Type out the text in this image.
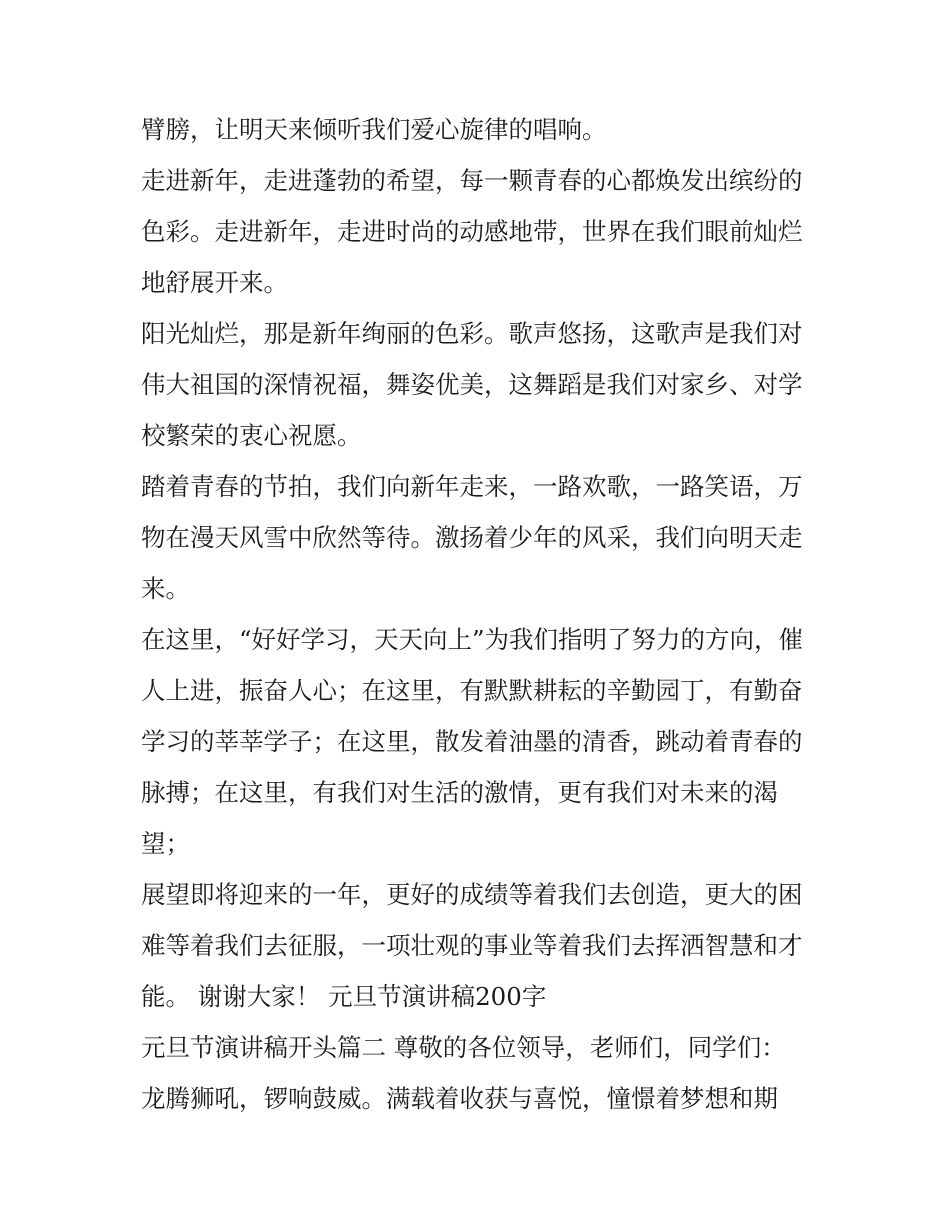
臂膀，让明天来倾听我们爱心旋律的唱响。

走进新年，走进蓬勃的希望，每一颗青春的心都焕发出缤纷的色彩。走进新年，走进时尚的动感地带，世界在我们眼前灿烂地舒展开来。

阳光灿烂，那是新年绚丽的色彩。歌声悠扬，这歌声是我们对伟大祖国的深情祝福，舞姿优美，这舞蹈是我们对家乡、对学校繁荣的衷心祝愿。

踏着青春的节拍，我们向新年走来，一路欢歌，一路笑语，万物在漫天风雪中欣然等待。激扬着少年的风采，我们向明天走来。

在这里，“好好学习，天天向上”为我们指明了努力的方向，催人上进，振奋人心；在这里，有默默耕耘的辛勤园丁，有勤奋学习的莘莘学子；在这里，散发着油墨的清香，跳动着青春的脉搏；在这里，有我们对生活的激情，更有我们对未来的渴望；

展望即将迎来的一年，更好的成绩等着我们去创造，更大的困难等着我们去征服，一项壮观的事业等着我们去挥洒智慧和才能。 谢谢大家！ 元旦节演讲稿200字

元旦节演讲稿开头篇二 尊敬的各位领导，老师们，同学们：

龙腾狮吼，锣响鼓威。满载着收获与喜悦，憧憬着梦想和期
